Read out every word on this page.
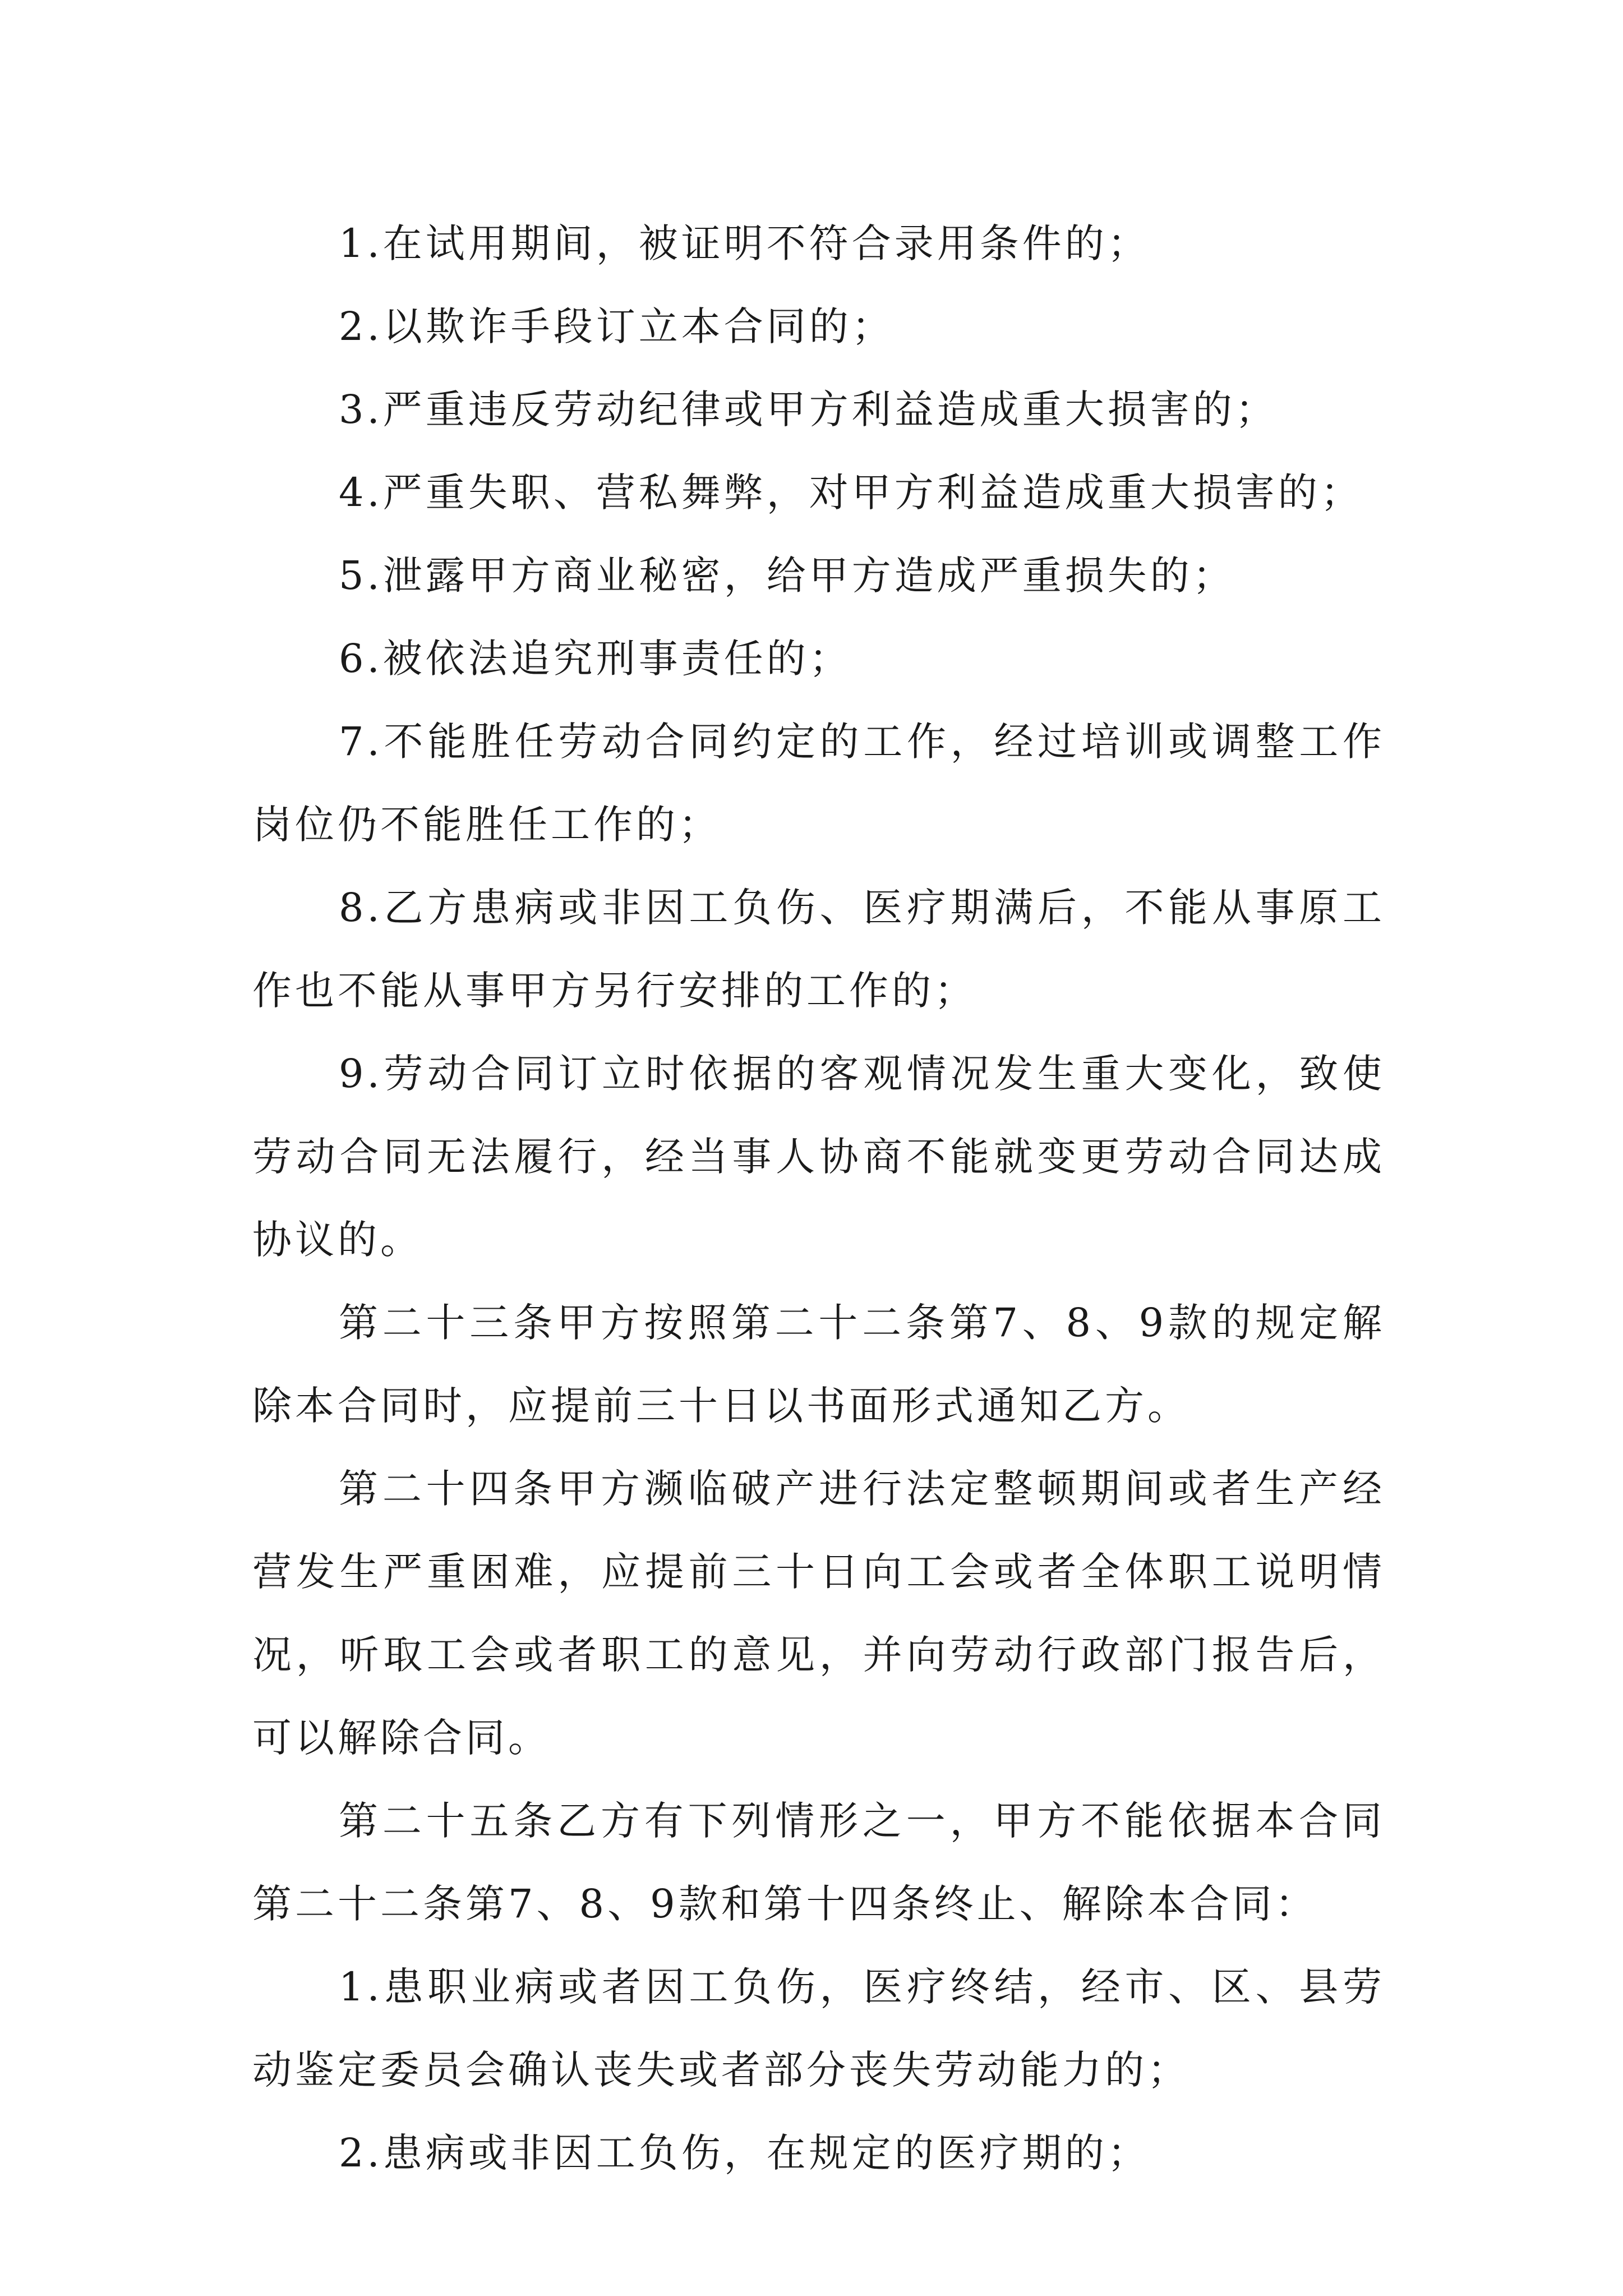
1.在试用期间，被证明不符合录用条件的；

2.以欺诈手段订立本合同的；

3.严重违反劳动纪律或甲方利益造成重大损害的；

4.严重失职、营私舞弊，对甲方利益造成重大损害的；

5.泄露甲方商业秘密，给甲方造成严重损失的；

6.被依法追究刑事责任的；

7.不能胜任劳动合同约定的工作，经过培训或调整工作岗位仍不能胜任工作的；

8.乙方患病或非因工负伤、医疗期满后，不能从事原工作也不能从事甲方另行安排的工作的；

9.劳动合同订立时依据的客观情况发生重大变化，致使劳动合同无法履行，经当事人协商不能就变更劳动合同达成协议的。

第二十三条甲方按照第二十二条第7、8、9款的规定解除本合同时，应提前三十日以书面形式通知乙方。

第二十四条甲方濒临破产进行法定整顿期间或者生产经营发生严重困难，应提前三十日向工会或者全体职工说明情况，听取工会或者职工的意见，并向劳动行政部门报告后，可以解除合同。

第二十五条乙方有下列情形之一，甲方不能依据本合同第二十二条第7、8、9款和第十四条终止、解除本合同：

1.患职业病或者因工负伤，医疗终结，经市、区、县劳动鉴定委员会确认丧失或者部分丧失劳动能力的；

2.患病或非因工负伤，在规定的医疗期的；
